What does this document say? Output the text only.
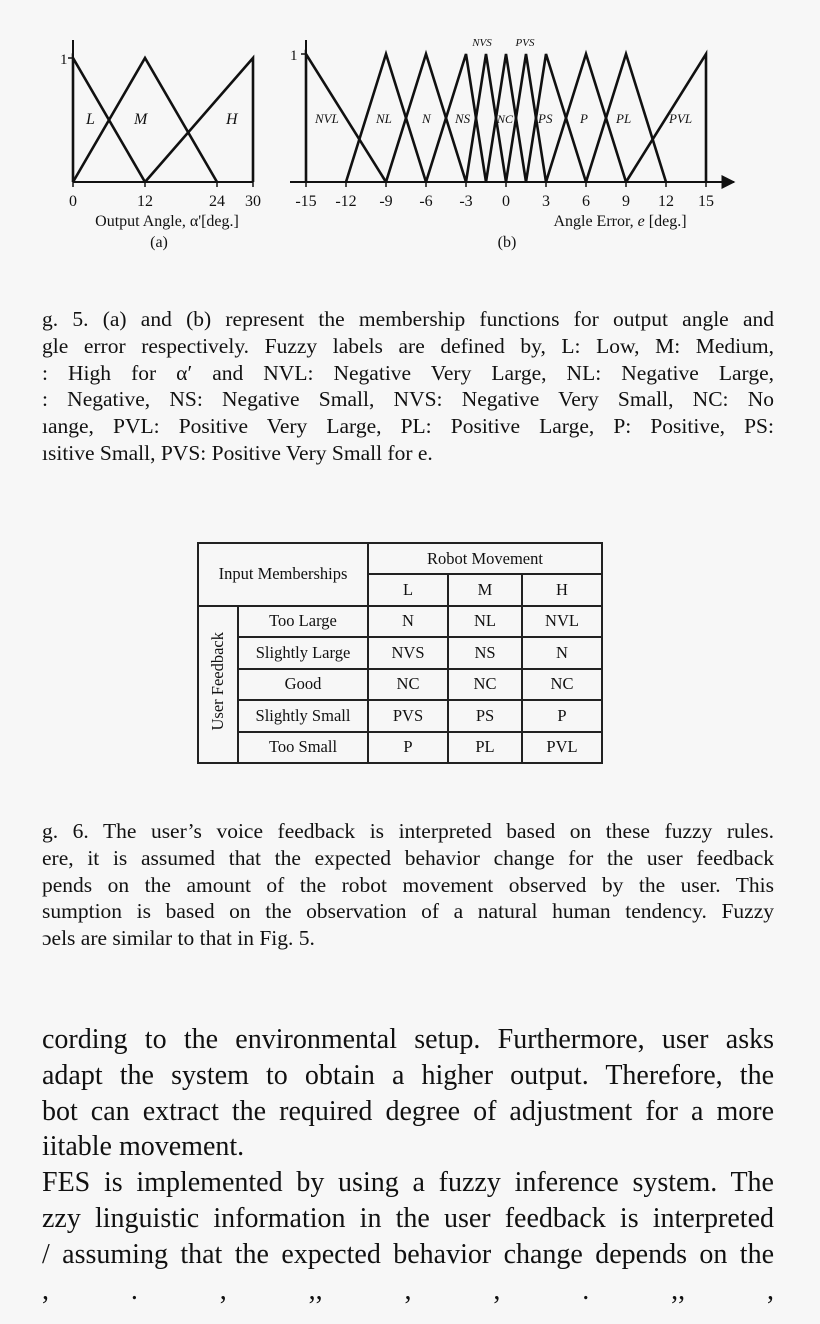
1
0	12	24 30
L M	H
Output Angle, α'[deg.]
(a)
1
-15 -12 -9 -6 -3 0 3 6 9 12 15
NVL	NL N NS NC PS P PL	PVL
NVS PVS
Angle Error, e [deg.]
(b)
g. 5. (a) and (b) represent the membership functions for output angle and
gle error respectively. Fuzzy labels are defined by, L: Low, M: Medium,
: High for α′ and NVL: Negative Very Large, NL: Negative Large,
: Negative, NS: Negative Small, NVS: Negative Very Small, NC: No
ıange, PVL: Positive Very Large, PL: Positive Large, P: Positive, PS:
ısitive Small, PVS: Positive Very Small for e.
Input Memberships		Robot Movement		
		L	M	H
User Feedback	Too Large	N	NL	NVL
	Slightly Large	NVS	NS	N
	Good	NC	NC	NC
	Slightly Small	PVS	PS	P
	Too Small	P	PL	PVL
g. 6. The user’s voice feedback is interpreted based on these fuzzy rules.
ere, it is assumed that the expected behavior change for the user feedback
pends on the amount of the robot movement observed by the user. This
sumption is based on the observation of a natural human tendency. Fuzzy
ɔels are similar to that in Fig. 5.
cording to the environmental setup. Furthermore, user asks
adapt the system to obtain a higher output. Therefore, the
bot can extract the required degree of adjustment for a more
iitable movement.
FES is implemented by using a fuzzy inference system. The
zzy linguistic information in the user feedback is interpreted
/ assuming that the expected behavior change depends on the
, . , ,, , , . ,, ,
